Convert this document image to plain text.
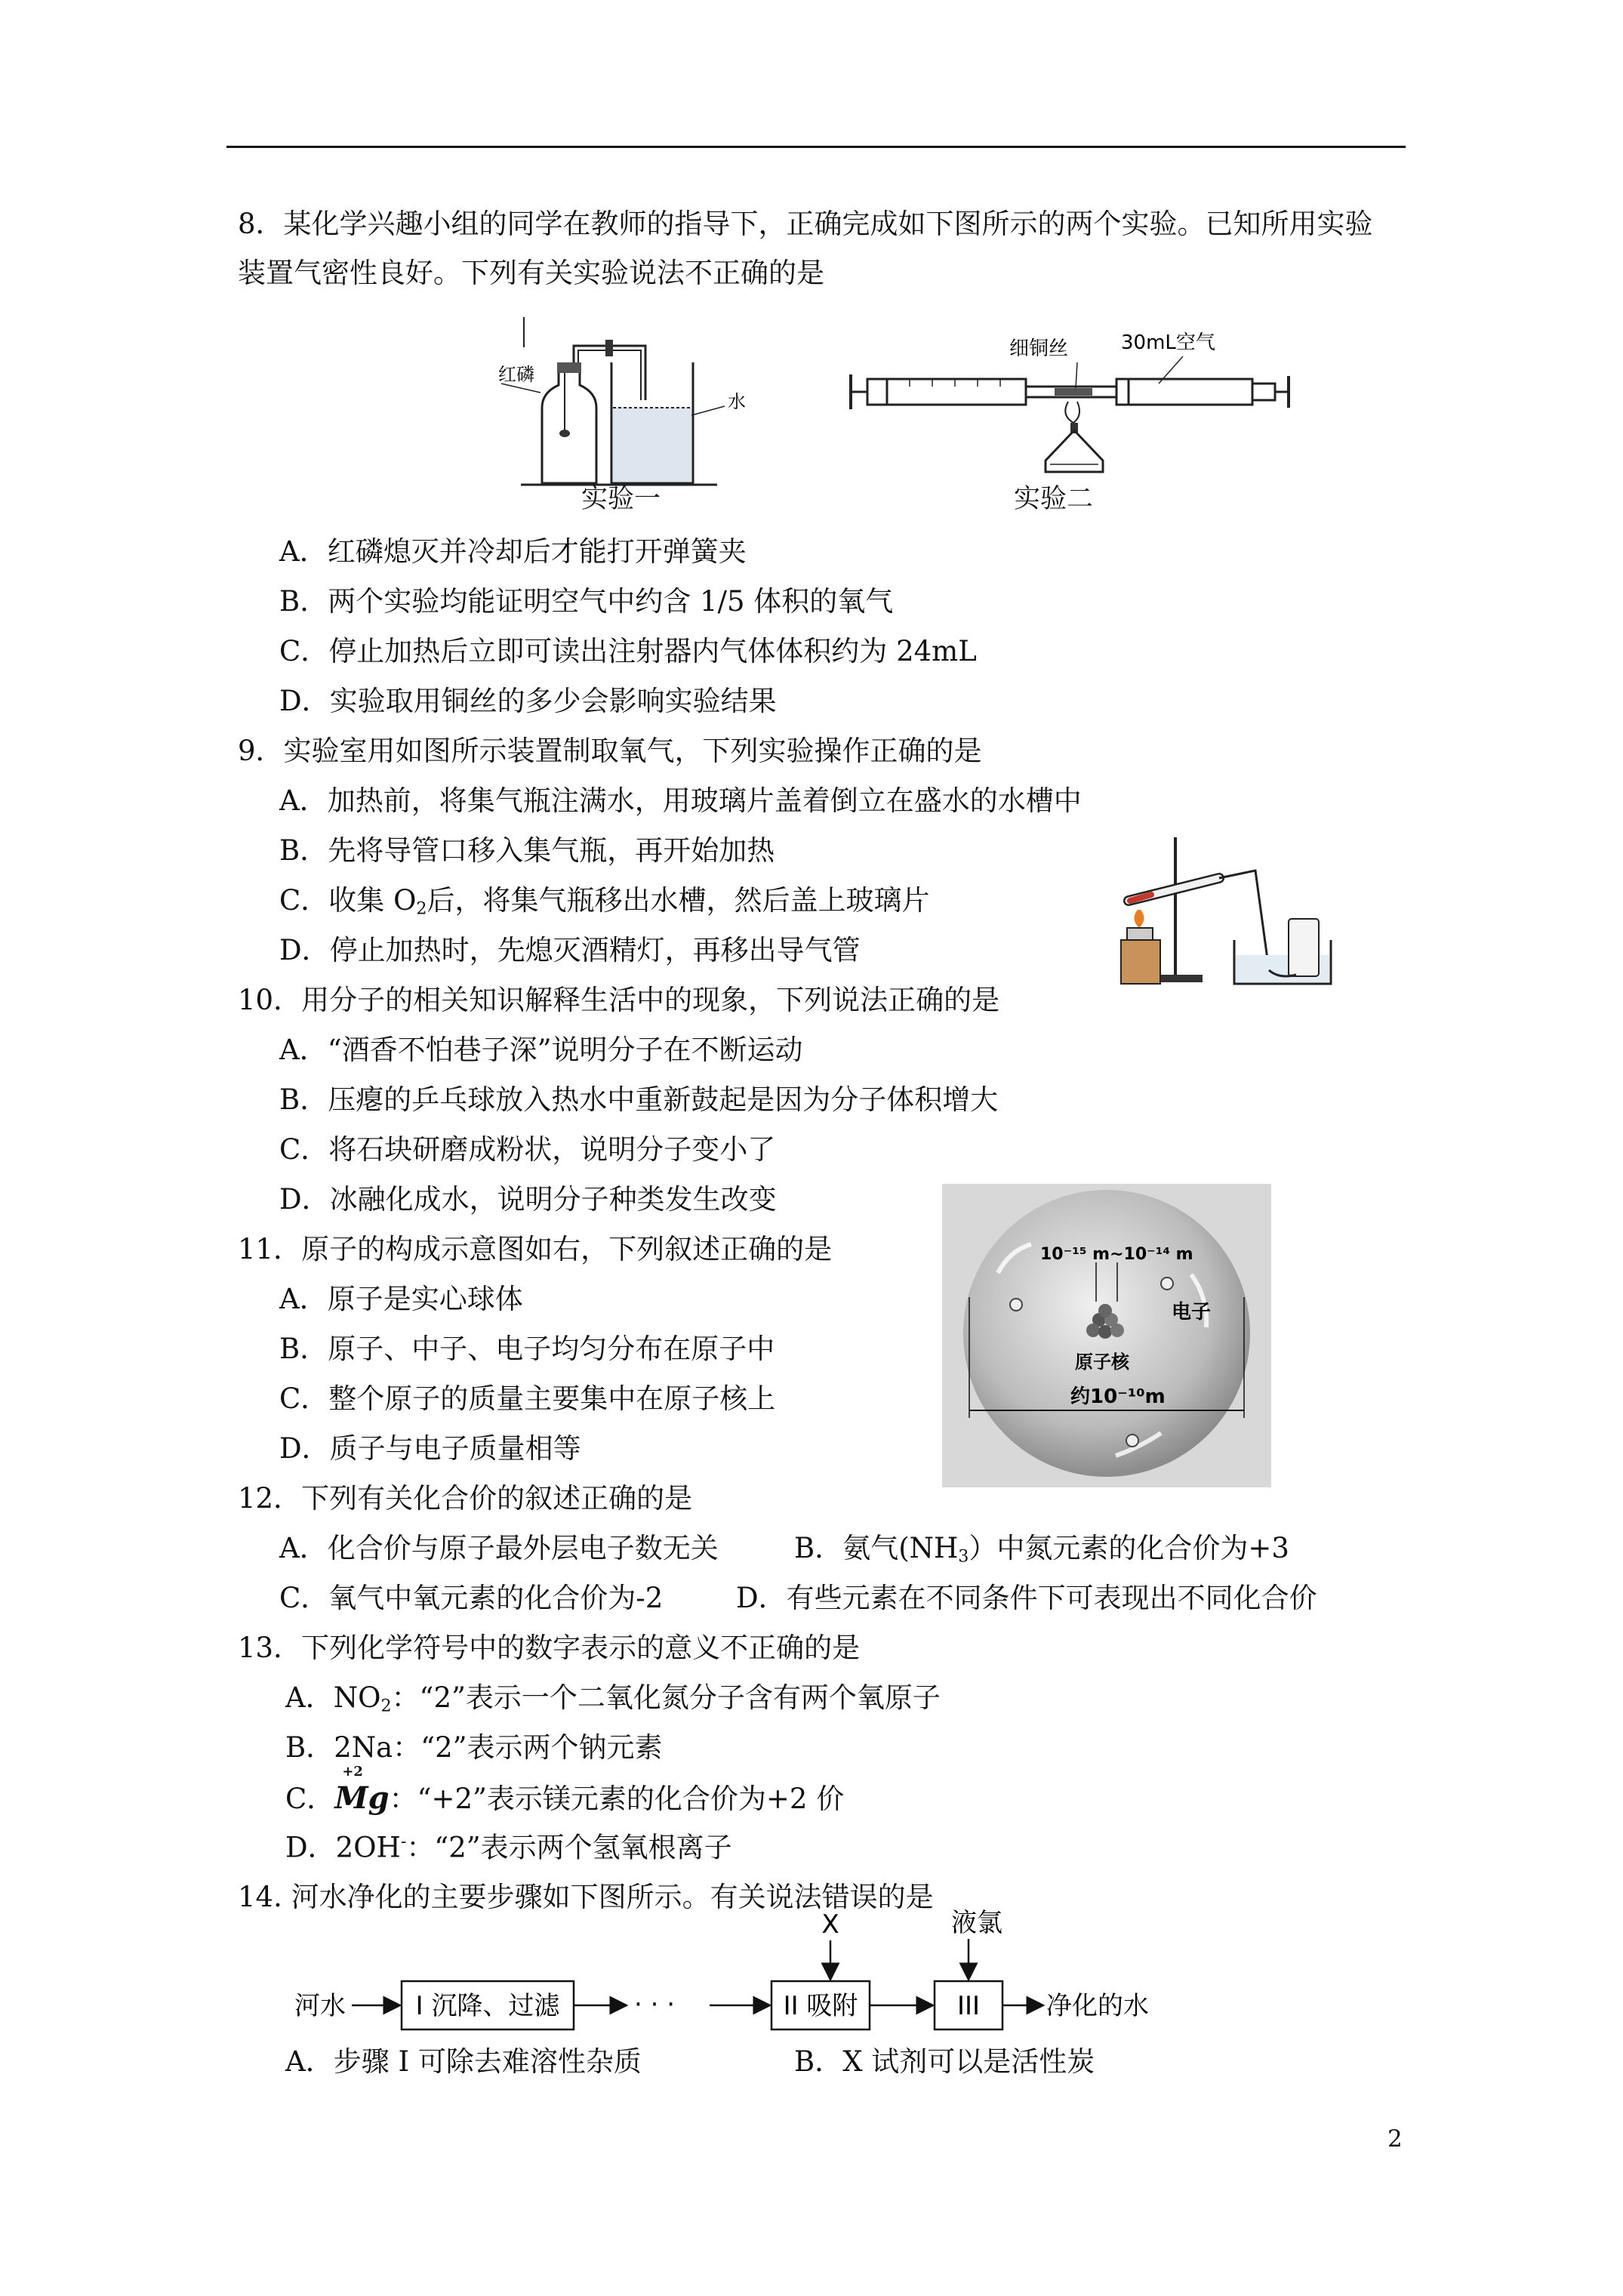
8．某化学兴趣小组的同学在教师的指导下，正确完成如下图所示的两个实验。已知所用实验
装置气密性良好。下列有关实验说法不正确的是
红磷
水
实验一
细铜丝	30mL空气
实验二
A．红磷熄灭并冷却后才能打开弹簧夹
B．两个实验均能证明空气中约含 1/5 体积的氧气
C．停止加热后立即可读出注射器内气体体积约为 24mL
D．实验取用铜丝的多少会影响实验结果
9．实验室用如图所示装置制取氧气，下列实验操作正确的是
A．加热前，将集气瓶注满水，用玻璃片盖着倒立在盛水的水槽中
B．先将导管口移入集气瓶，再开始加热
C．收集 $O_2$后，将集气瓶移出水槽，然后盖上玻璃片
D．停止加热时，先熄灭酒精灯，再移出导气管
10．用分子的相关知识解释生活中的现象，下列说法正确的是
A．“酒香不怕巷子深”说明分子在不断运动
B．压瘪的乒乓球放入热水中重新鼓起是因为分子体积增大
C．将石块研磨成粉状，说明分子变小了
D．冰融化成水，说明分子种类发生改变
11．原子的构成示意图如右，下列叙述正确的是
A．原子是实心球体
B．原子、中子、电子均匀分布在原子中
C．整个原子的质量主要集中在原子核上
D．质子与电子质量相等
10⁻¹⁵ m~10⁻¹⁴ m
电子
原子核
约10⁻¹⁰m
12．下列有关化合价的叙述正确的是
A．化合价与原子最外层电子数无关	B．氨气$(NH_3)$中氮元素的化合价为+3
C．氧气中氧元素的化合价为-2	D．有些元素在不同条件下可表现出不同化合价
13．下列化学符号中的数字表示的意义不正确的是
A．$NO_2$：“2”表示一个二氧化氮分子含有两个氧原子
B．2Na：“2”表示两个钠元素
C．
+2
Mg：“+2”表示镁元素的化合价为+2 价
D．2OH-：“2”表示两个氢氧根离子
14. 河水净化的主要步骤如下图所示。有关说法错误的是
河水	I 沉降、过滤	· · ·	II 吸附
X
III
液氯
净化的水
A．步骤 I 可除去难溶性杂质	B．X 试剂可以是活性炭
2
